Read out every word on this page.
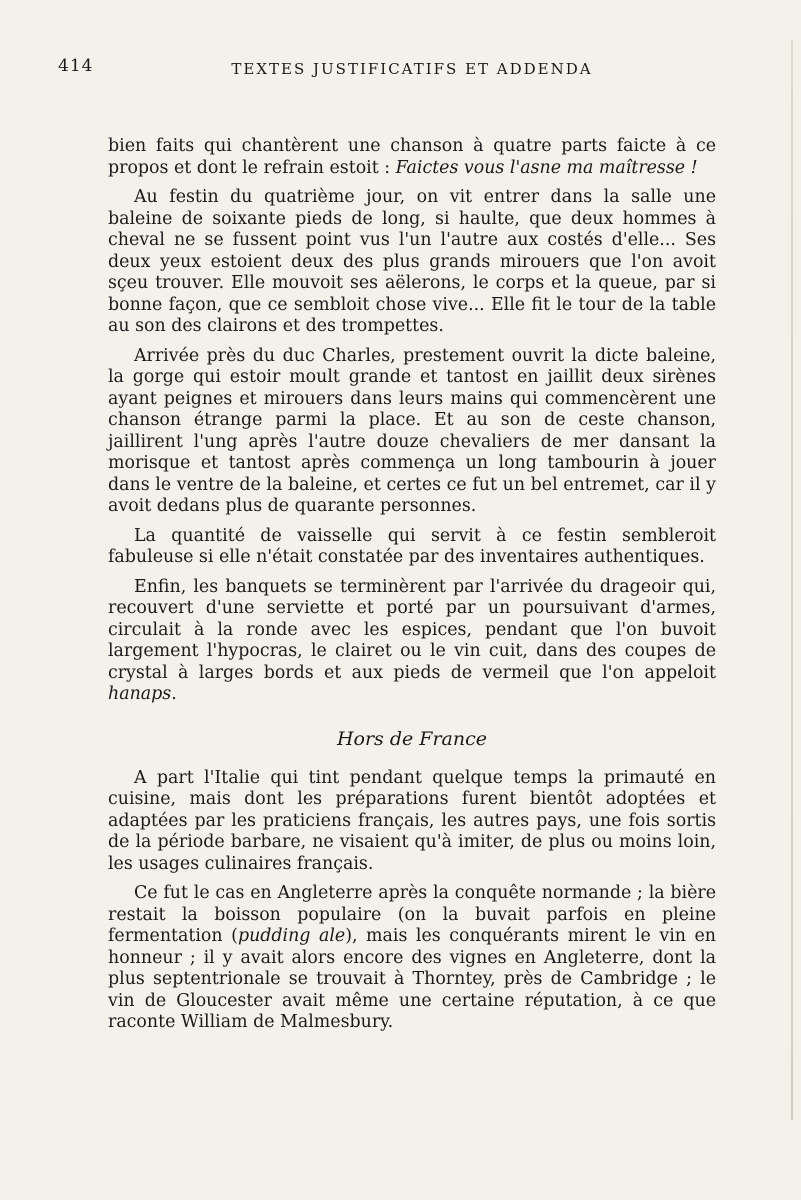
414	TEXTES JUSTIFICATIFS ET ADDENDA

bien faits qui chantèrent une chanson à quatre parts faicte à ce propos et dont le refrain estoit : Faictes vous l'asne ma maîtresse !

Au festin du quatrième jour, on vit entrer dans la salle une baleine de soixante pieds de long, si haulte, que deux hommes à cheval ne se fussent point vus l'un l'autre aux costés d'elle... Ses deux yeux estoient deux des plus grands mirouers que l'on avoit sçeu trouver. Elle mouvoit ses aëlerons, le corps et la queue, par si bonne façon, que ce sembloit chose vive... Elle fit le tour de la table au son des clairons et des trompettes.

Arrivée près du duc Charles, prestement ouvrit la dicte baleine, la gorge qui estoir moult grande et tantost en jaillit deux sirènes ayant peignes et mirouers dans leurs mains qui commencèrent une chanson étrange parmi la place. Et au son de ceste chanson, jaillirent l'ung après l'autre douze chevaliers de mer dansant la morisque et tantost après commença un long tambourin à jouer dans le ventre de la baleine, et certes ce fut un bel entremet, car il y avoit dedans plus de quarante personnes.

La quantité de vaisselle qui servit à ce festin sembleroit fabuleuse si elle n'était constatée par des inventaires authentiques.

Enfin, les banquets se terminèrent par l'arrivée du drageoir qui, recouvert d'une serviette et porté par un poursuivant d'armes, circulait à la ronde avec les espices, pendant que l'on buvoit largement l'hypocras, le clairet ou le vin cuit, dans des coupes de crystal à larges bords et aux pieds de vermeil que l'on appeloit hanaps.

Hors de France

A part l'Italie qui tint pendant quelque temps la primauté en cuisine, mais dont les préparations furent bientôt adoptées et adaptées par les praticiens français, les autres pays, une fois sortis de la période barbare, ne visaient qu'à imiter, de plus ou moins loin, les usages culinaires français.

Ce fut le cas en Angleterre après la conquête normande ; la bière restait la boisson populaire (on la buvait parfois en pleine fermentation (pudding ale), mais les conquérants mirent le vin en honneur ; il y avait alors encore des vignes en Angleterre, dont la plus septentrionale se trouvait à Thorntey, près de Cambridge ; le vin de Gloucester avait même une certaine réputation, à ce que raconte William de Malmesbury.
